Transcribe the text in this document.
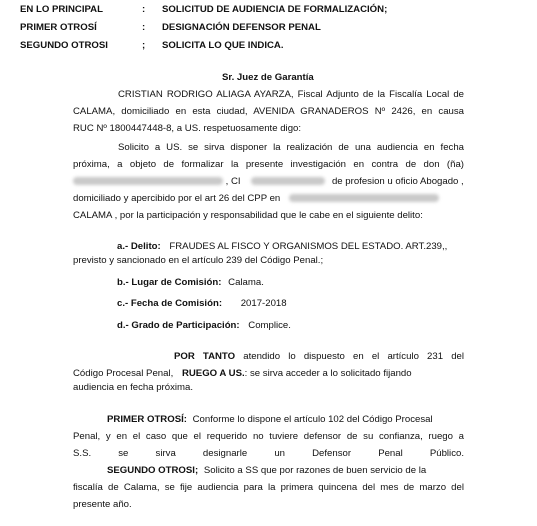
EN LO PRINCIPAL	: SOLICITUD DE AUDIENCIA DE FORMALIZACIÓN;
PRIMER OTROSÍ	: DESIGNACIÓN DEFENSOR PENAL
SEGUNDO OTROSI	; SOLICITA LO QUE INDICA.
Sr. Juez de Garantía
CRISTIAN RODRIGO ALIAGA AYARZA, Fiscal Adjunto de la Fiscalía Local de
CALAMA, domiciliado en esta ciudad, AVENIDA GRANADEROS Nº 2426, en causa
RUC Nº 1800447448-8, a US. respetuosamente digo:
Solicito a US. se sirva disponer la realización de una audiencia en fecha
próxima, a objeto de formalizar la presente investigación en contra de don (ña)
, CI	de profesion u oficio Abogado ,
domiciliado y apercibido por el art 26 del CPP en
CALAMA , por la participación y responsabilidad que le cabe en el siguiente delito:
a.- Delito: FRAUDES AL FISCO Y ORGANISMOS DEL ESTADO. ART.239,,
previsto y sancionado en el artículo 239 del Código Penal.;
b.- Lugar de Comisión: Calama.
c.- Fecha de Comisión: 2017-2018
d.- Grado de Participación: Complice.
POR TANTO atendido lo dispuesto en el artículo 231 del
Código Procesal Penal, RUEGO A US.: se sirva acceder a lo solicitado fijando
audiencia en fecha próxima.
PRIMER OTROSÍ: Conforme lo dispone el artículo 102 del Código Procesal
Penal, y en el caso que el requerido no tuviere defensor de su confianza, ruego a
S.S. se sirva designarle un Defensor Penal Público.
SEGUNDO OTROSI; Solicito a SS que por razones de buen servicio de la
fiscalía de Calama, se fije audiencia para la primera quincena del mes de marzo del
presente año.
